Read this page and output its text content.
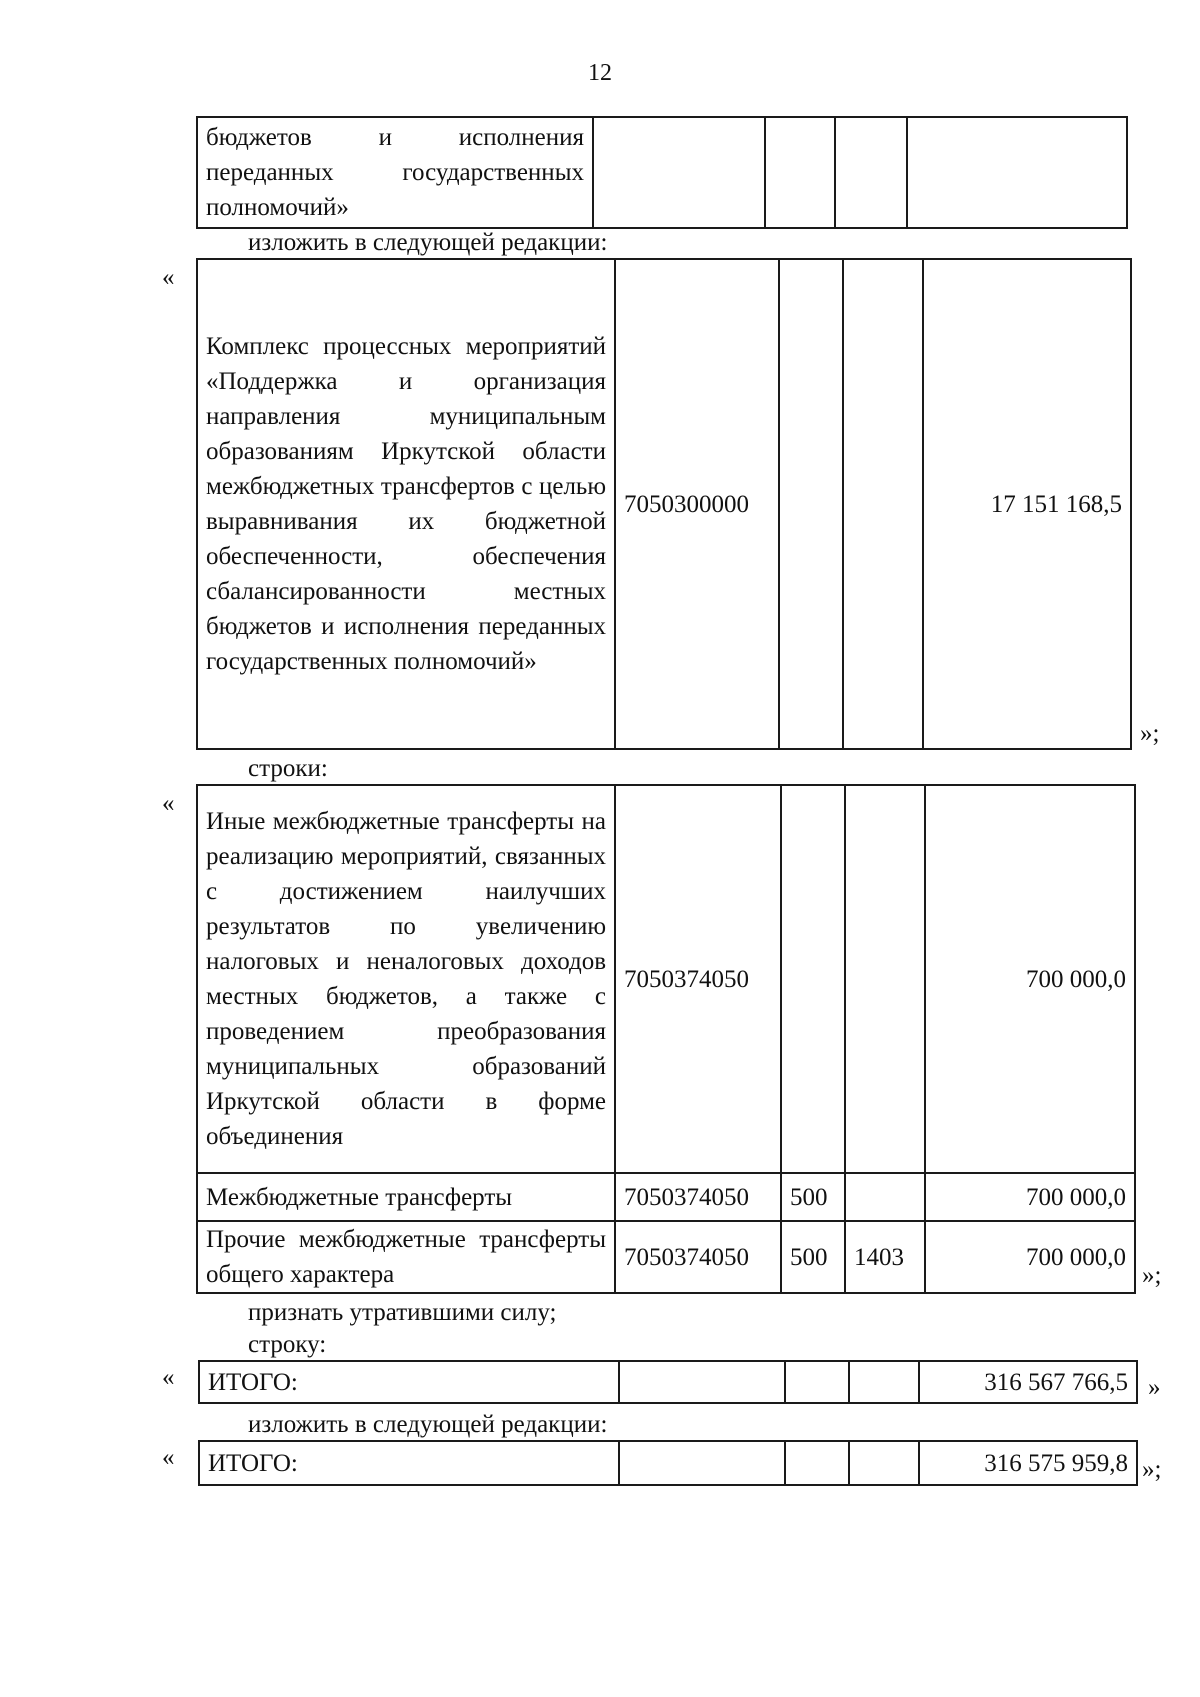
12
бюджетов и исполнения переданных государственных полномочий»				
изложить в следующей редакции:
«
Комплекс процессных мероприятий «Поддержка и организация направления муниципальным образованиям Иркутской области межбюджетных трансфертов с целью выравнивания их бюджетной обеспеченности, обеспечения сбалансированности местных бюджетов и исполнения переданных государственных полномочий»	7050300000			17 151 168,5
»;
строки:
«
Иные межбюджетные трансферты на реализацию мероприятий, связанных с достижением наилучших результатов по увеличению налоговых и неналоговых доходов местных бюджетов, а также с проведением преобразования муниципальных образований Иркутской области в форме объединения	7050374050			700 000,0
Межбюджетные трансферты	7050374050	500		700 000,0
Прочие межбюджетные трансферты общего характера	7050374050	500	1403	700 000,0
»;
признать утратившими силу;
строку:
« ИТОГО:				316 567 766,5 »
изложить в следующей редакции:
« ИТОГО:				316 575 959,8 »;
